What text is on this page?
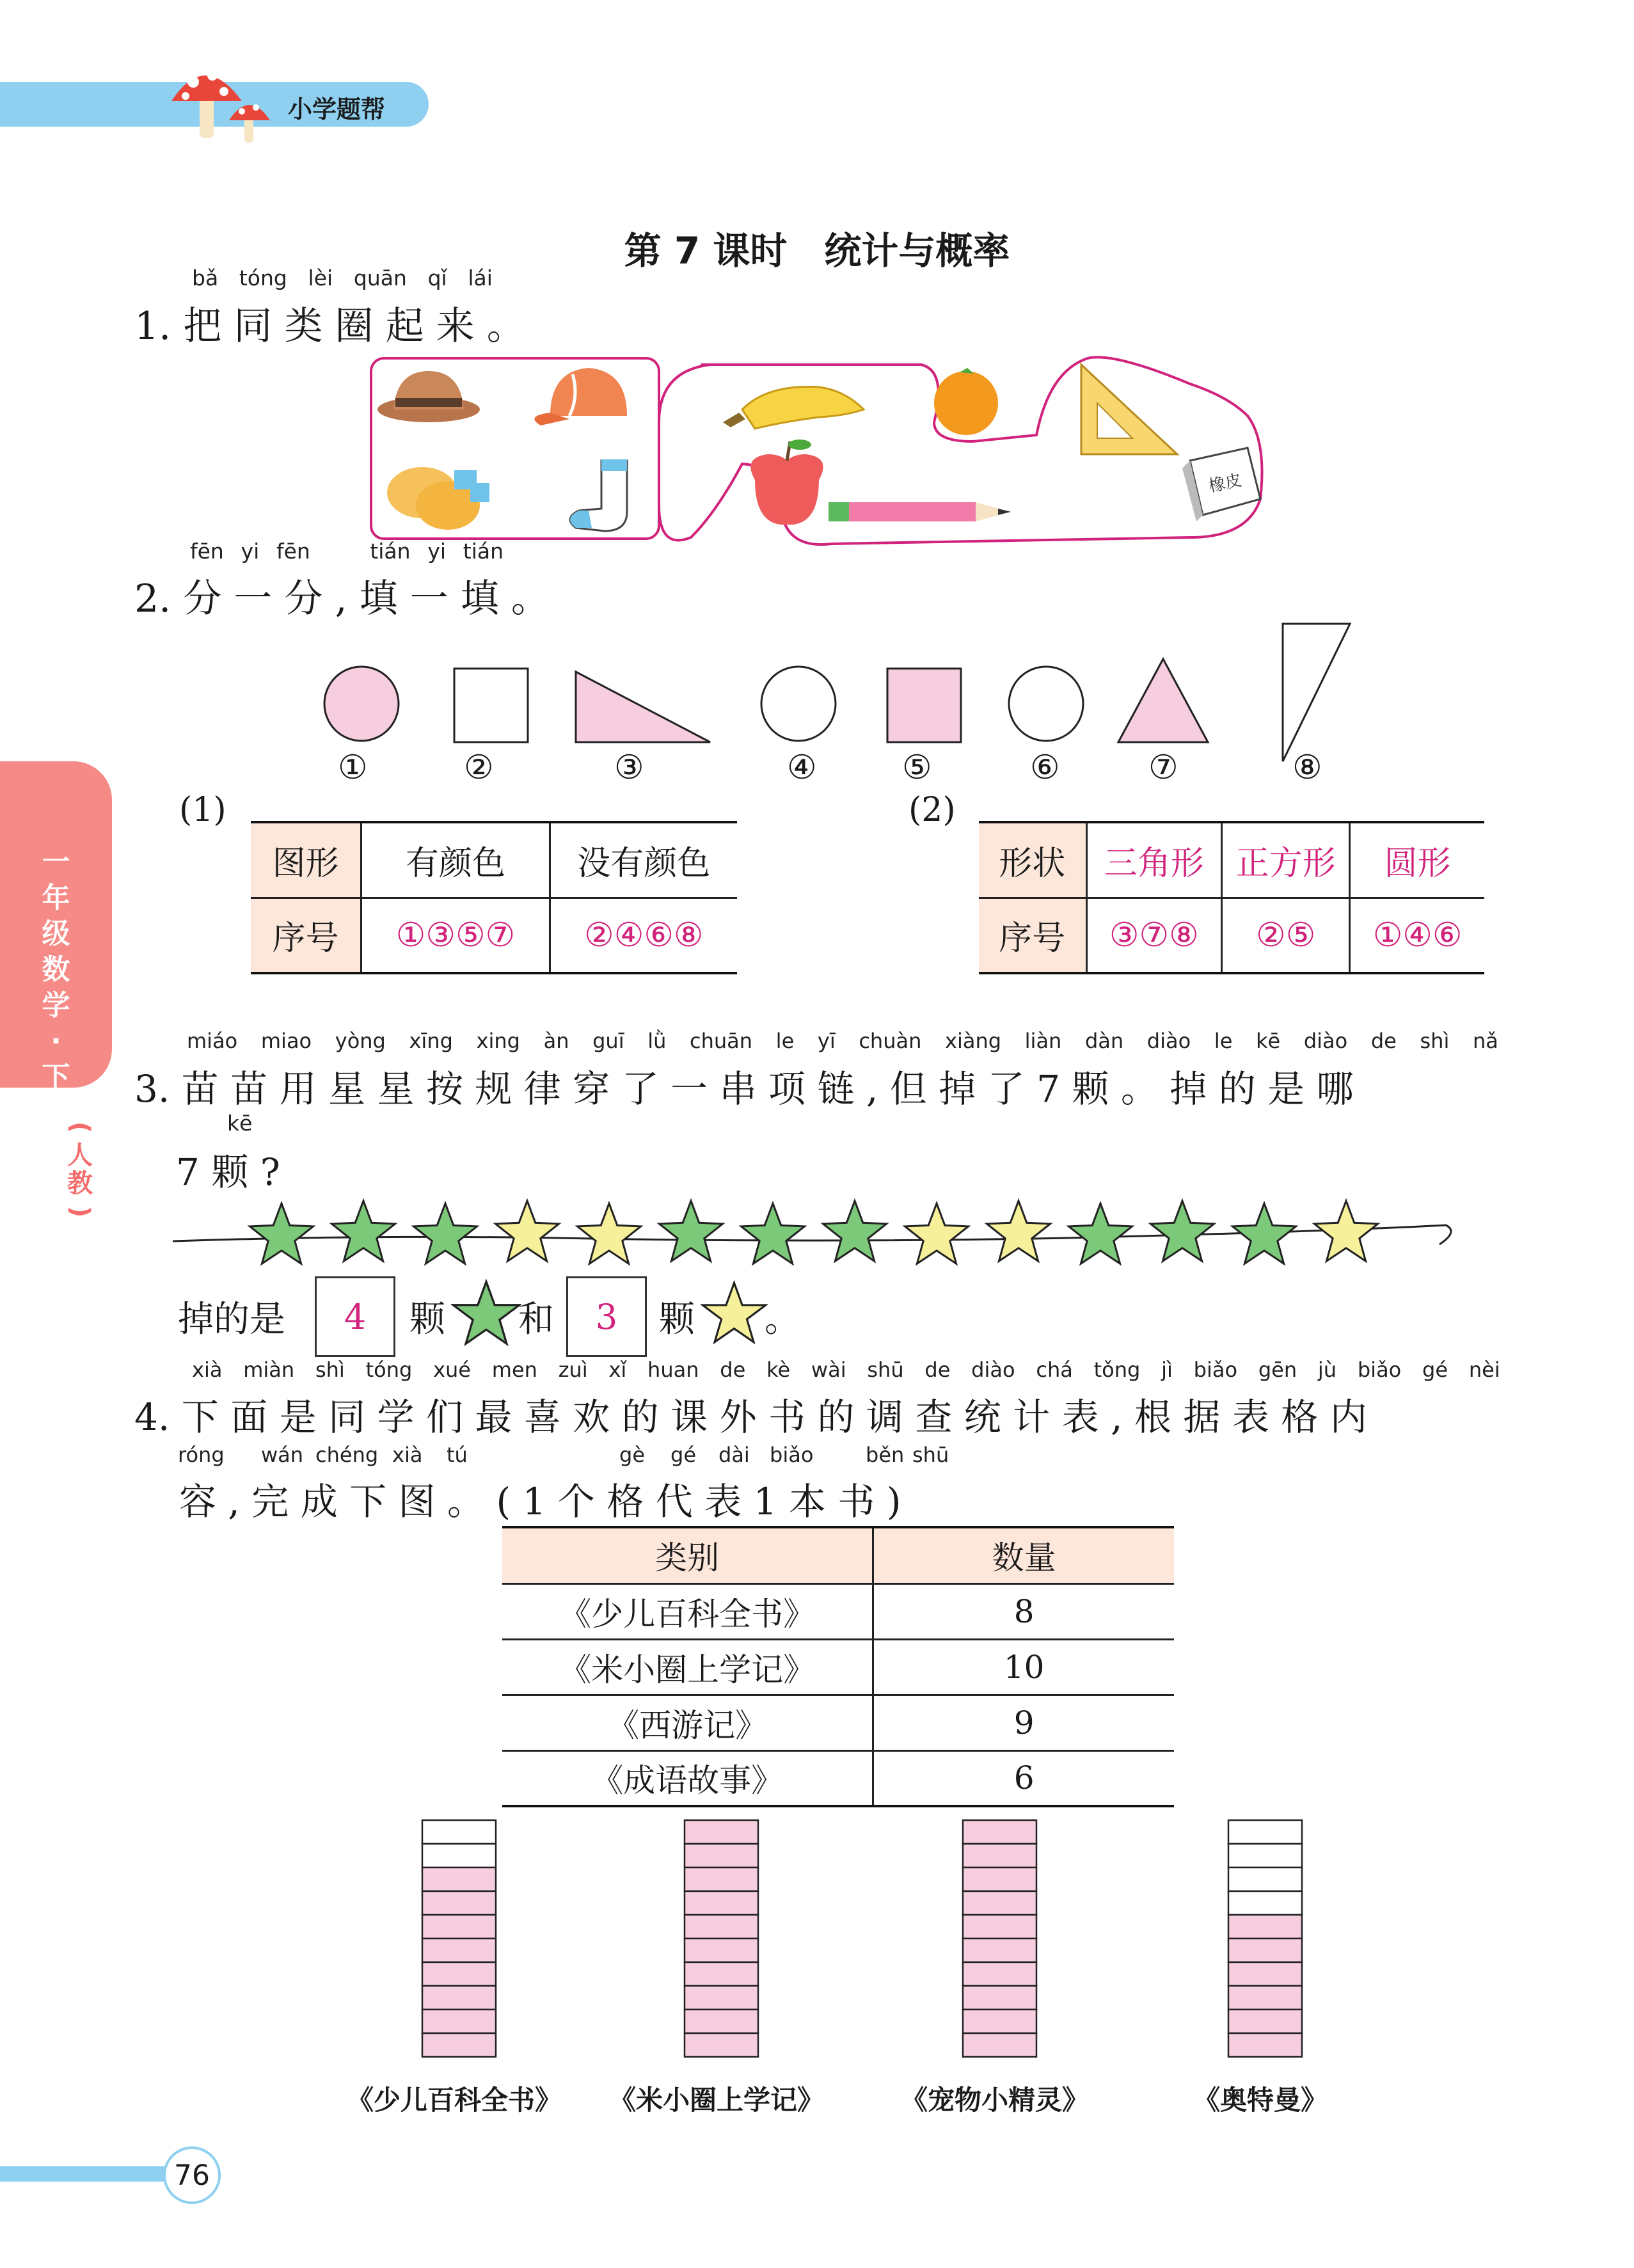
小学题帮
一
年
级
数
学
·
下
(
人
教
)
第 7 课时　统计与概率
bǎ tóng lèi quān qǐ lái
1. 把 同 类 圈 起 来 。
橡皮
fēn yi fēn	tián yi tián
2. 分 一 分 , 填 一 填 。
①	②	③	④	⑤	⑥	⑦	⑧
(1)
图形	有颜色	没有颜色
序号	①③⑤⑦	②④⑥⑧
(2)
形状	三角形	正方形	圆形
序号	③⑦⑧	②⑤	①④⑥
miáo miao yòng xīng xing àn guī lǜ chuān le yī chuàn xiàng liàn dàn diào le kē diào de shì nǎ
3. 苗 苗 用 星 星 按 规 律 穿 了 一 串 项 链 , 但 掉 了 7 颗 。 掉 的 是 哪
kē
7 颗 ?
掉的是	4	颗 和	3	颗 。
xià miàn shì tóng xué men zuì xǐ huan de kè wài shū de diào chá tǒng jì biǎo gēn jù biǎo gé nèi
4. 下 面 是 同 学 们 最 喜 欢 的 课 外 书 的 调 查 统 计 表 , 根 据 表 格 内
róng wán chéng xià tú	gè gé dài biǎo	běn shū
容 , 完 成 下 图 。 ( 1 个 格 代 表 1 本 书 )
类别	数量
《少儿百科全书》	8
《米小圈上学记》	10
《西游记》	9
《成语故事》	6
《少儿百科全书》	《米小圈上学记》	《宠物小精灵》	《奥特曼》
76
